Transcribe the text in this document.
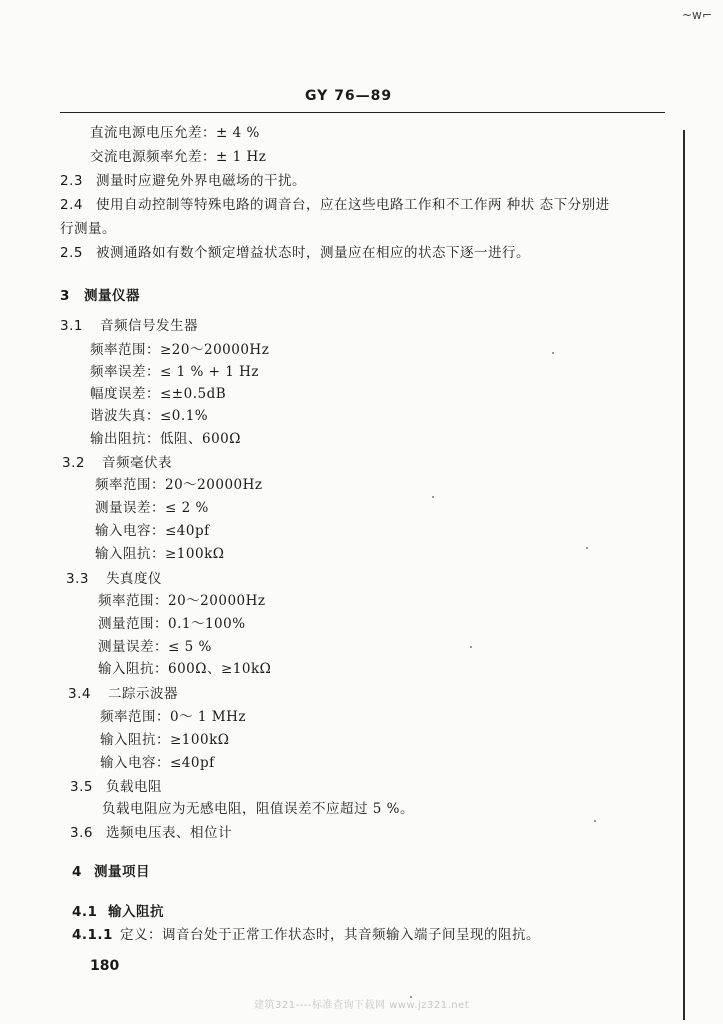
~w⌐
GY 76—89
直流电源电压允差：± 4 %
交流电源频率允差：± 1 Hz
2.3 测量时应避免外界电磁场的干扰。
2.4 使用自动控制等特殊电路的调音台，应在这些电路工作和不工作两 种状 态下分别进
行测量。
2.5 被测通路如有数个额定增益状态时，测量应在相应的状态下逐一进行。
3 测量仪器
3.1 音频信号发生器
频率范围：≥20～20000Hz
频率误差：≤ 1 % + 1 Hz
幅度误差：≤±0.5dB
谐波失真：≤0.1%
输出阻抗：低阻、600Ω
3.2 音频毫伏表
频率范围：20～20000Hz
测量误差：≤ 2 %
输入电容：≤40pf
输入阻抗：≥100kΩ
3.3 失真度仪
频率范围：20～20000Hz
测量范围：0.1～100%
测量误差：≤ 5 %
输入阻抗：600Ω、≥10kΩ
3.4 二踪示波器
频率范围：0～ 1 MHz
输入阻抗：≥100kΩ
输入电容：≤40pf
3.5 负载电阻
负载电阻应为无感电阻，阻值误差不应超过 5 %。
3.6 选频电压表、相位计
4 测量项目
4.1 输入阻抗
4.1.1 定义：调音台处于正常工作状态时，其音频输入端子间呈现的阻抗。
180
建筑321----标准查询下载网 www.jz321.net
